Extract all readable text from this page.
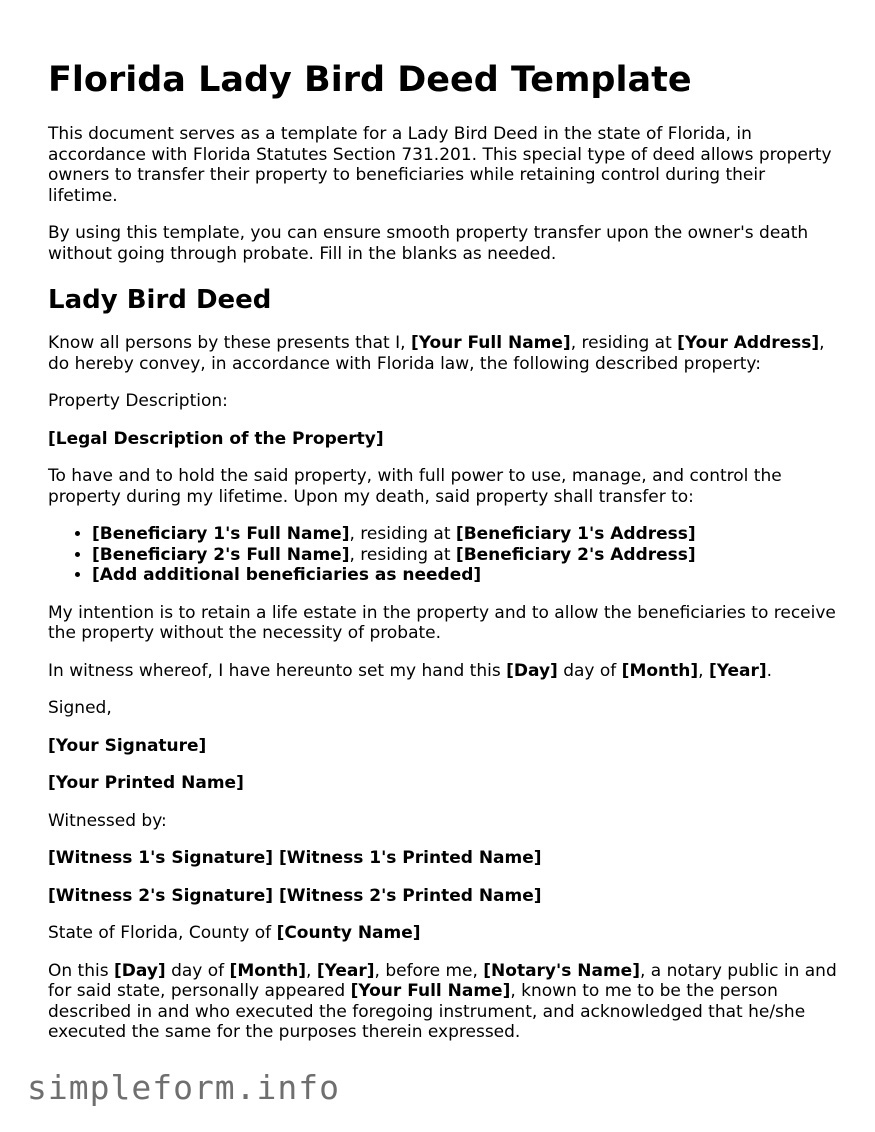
Florida Lady Bird Deed Template

This document serves as a template for a Lady Bird Deed in the state of Florida, in accordance with Florida Statutes Section 731.201. This special type of deed allows property owners to transfer their property to beneficiaries while retaining control during their lifetime.

By using this template, you can ensure smooth property transfer upon the owner's death without going through probate. Fill in the blanks as needed.

Lady Bird Deed

Know all persons by these presents that I, [Your Full Name], residing at [Your Address], do hereby convey, in accordance with Florida law, the following described property:

Property Description:

[Legal Description of the Property]

To have and to hold the said property, with full power to use, manage, and control the property during my lifetime. Upon my death, said property shall transfer to:

• [Beneficiary 1's Full Name], residing at [Beneficiary 1's Address]
• [Beneficiary 2's Full Name], residing at [Beneficiary 2's Address]
• [Add additional beneficiaries as needed]

My intention is to retain a life estate in the property and to allow the beneficiaries to receive the property without the necessity of probate.

In witness whereof, I have hereunto set my hand this [Day] day of [Month], [Year].

Signed,

[Your Signature]

[Your Printed Name]

Witnessed by:

[Witness 1's Signature] [Witness 1's Printed Name]

[Witness 2's Signature] [Witness 2's Printed Name]

State of Florida, County of [County Name]

On this [Day] day of [Month], [Year], before me, [Notary's Name], a notary public in and for said state, personally appeared [Your Full Name], known to me to be the person described in and who executed the foregoing instrument, and acknowledged that he/she executed the same for the purposes therein expressed.

simpleform.info
